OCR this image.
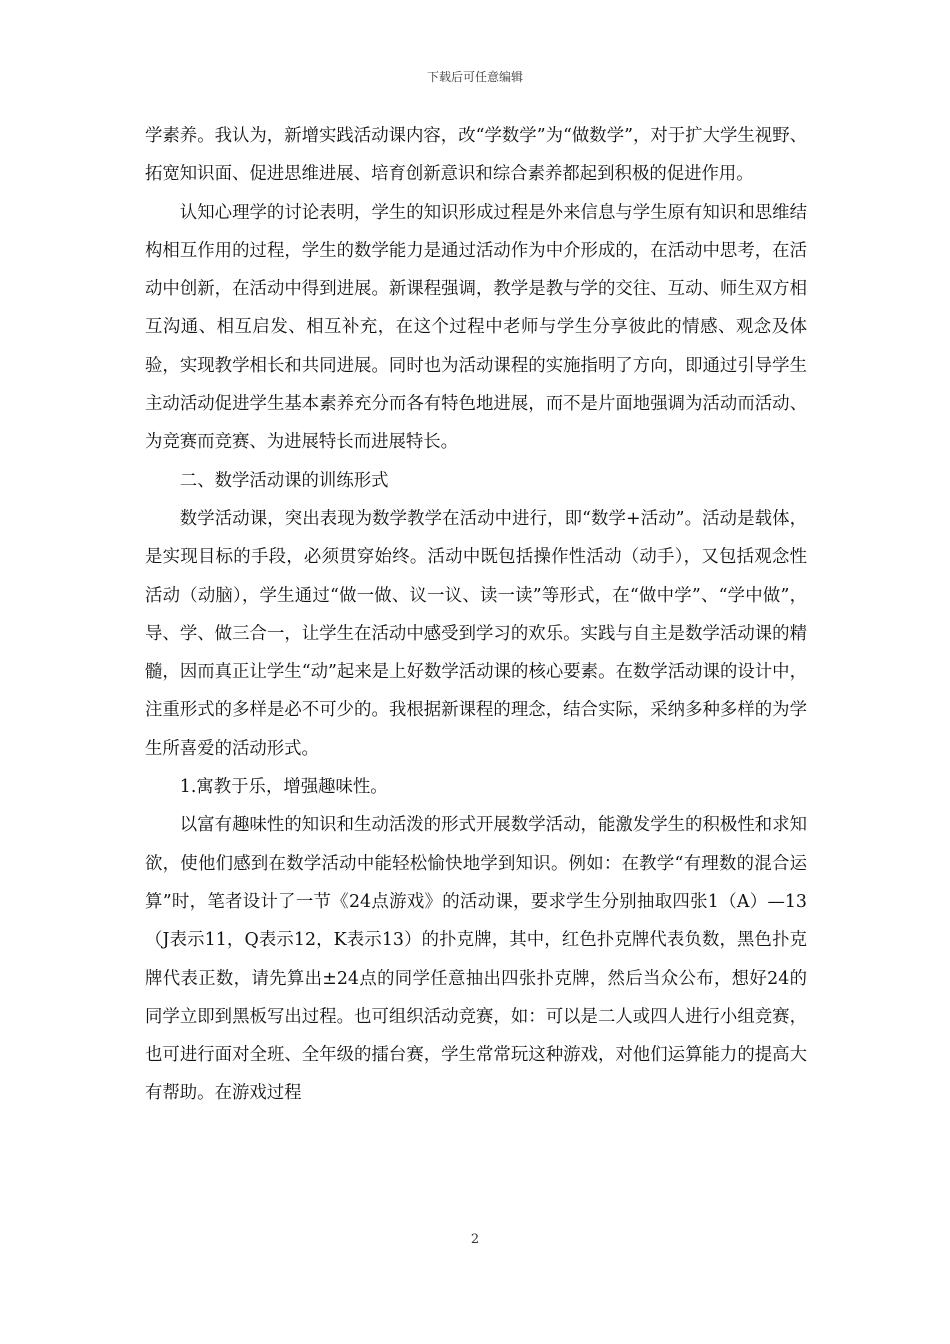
下载后可任意编辑

学素养。我认为，新增实践活动课内容，改“学数学”为“做数学”，对于扩大学生视野、拓宽知识面、促进思维进展、培育创新意识和综合素养都起到积极的促进作用。

认知心理学的讨论表明，学生的知识形成过程是外来信息与学生原有知识和思维结构相互作用的过程，学生的数学能力是通过活动作为中介形成的，在活动中思考，在活动中创新，在活动中得到进展。新课程强调，教学是教与学的交往、互动、师生双方相互沟通、相互启发、相互补充，在这个过程中老师与学生分享彼此的情感、观念及体验，实现教学相长和共同进展。同时也为活动课程的实施指明了方向，即通过引导学生主动活动促进学生基本素养充分而各有特色地进展，而不是片面地强调为活动而活动、为竞赛而竞赛、为进展特长而进展特长。

二、数学活动课的训练形式

数学活动课，突出表现为数学教学在活动中进行，即“数学+活动”。活动是载体，是实现目标的手段，必须贯穿始终。活动中既包括操作性活动（动手），又包括观念性活动（动脑），学生通过“做一做、议一议、读一读”等形式，在“做中学”、“学中做”，导、学、做三合一，让学生在活动中感受到学习的欢乐。实践与自主是数学活动课的精髓，因而真正让学生“动”起来是上好数学活动课的核心要素。在数学活动课的设计中，注重形式的多样是必不可少的。我根据新课程的理念，结合实际，采纳多种多样的为学生所喜爱的活动形式。

1.寓教于乐，增强趣味性。

以富有趣味性的知识和生动活泼的形式开展数学活动，能激发学生的积极性和求知欲，使他们感到在数学活动中能轻松愉快地学到知识。例如：在教学“有理数的混合运算”时，笔者设计了一节《24点游戏》的活动课，要求学生分别抽取四张1（A）—13（J表示11，Q表示12，K表示13）的扑克牌，其中，红色扑克牌代表负数，黑色扑克牌代表正数，请先算出±24点的同学任意抽出四张扑克牌，然后当众公布，想好24的同学立即到黑板写出过程。也可组织活动竞赛，如：可以是二人或四人进行小组竞赛，也可进行面对全班、全年级的擂台赛，学生常常玩这种游戏，对他们运算能力的提高大有帮助。在游戏过程

2
